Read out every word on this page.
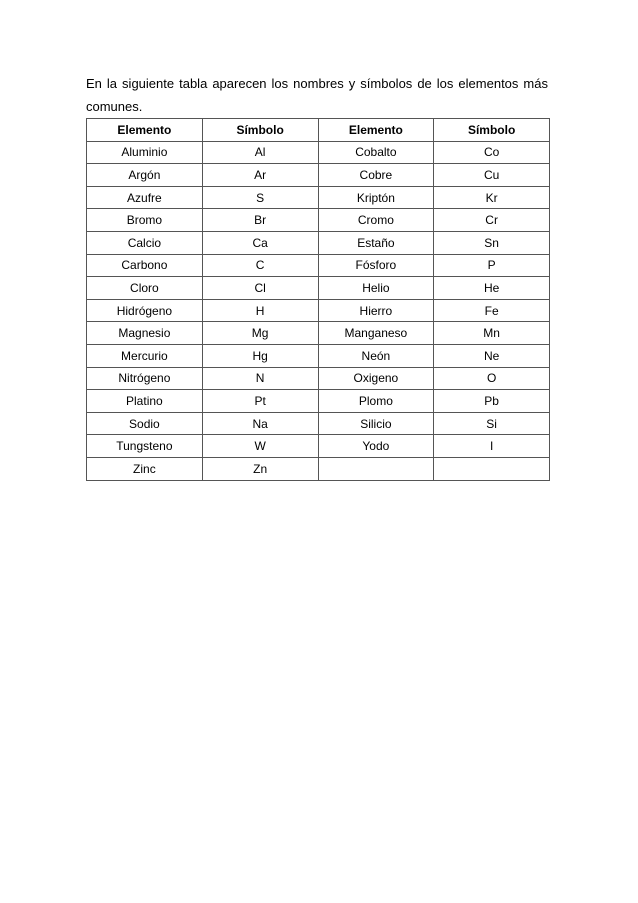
En la siguiente tabla aparecen los nombres y símbolos de los elementos más comunes.

Elemento	Símbolo	Elemento	Símbolo
Aluminio	Al	Cobalto	Co
Argón	Ar	Cobre	Cu
Azufre	S	Kriptón	Kr
Bromo	Br	Cromo	Cr
Calcio	Ca	Estaño	Sn
Carbono	C	Fósforo	P
Cloro	Cl	Helio	He
Hidrógeno	H	Hierro	Fe
Magnesio	Mg	Manganeso	Mn
Mercurio	Hg	Neón	Ne
Nitrógeno	N	Oxigeno	O
Platino	Pt	Plomo	Pb
Sodio	Na	Silicio	Si
Tungsteno	W	Yodo	I
Zinc	Zn		
